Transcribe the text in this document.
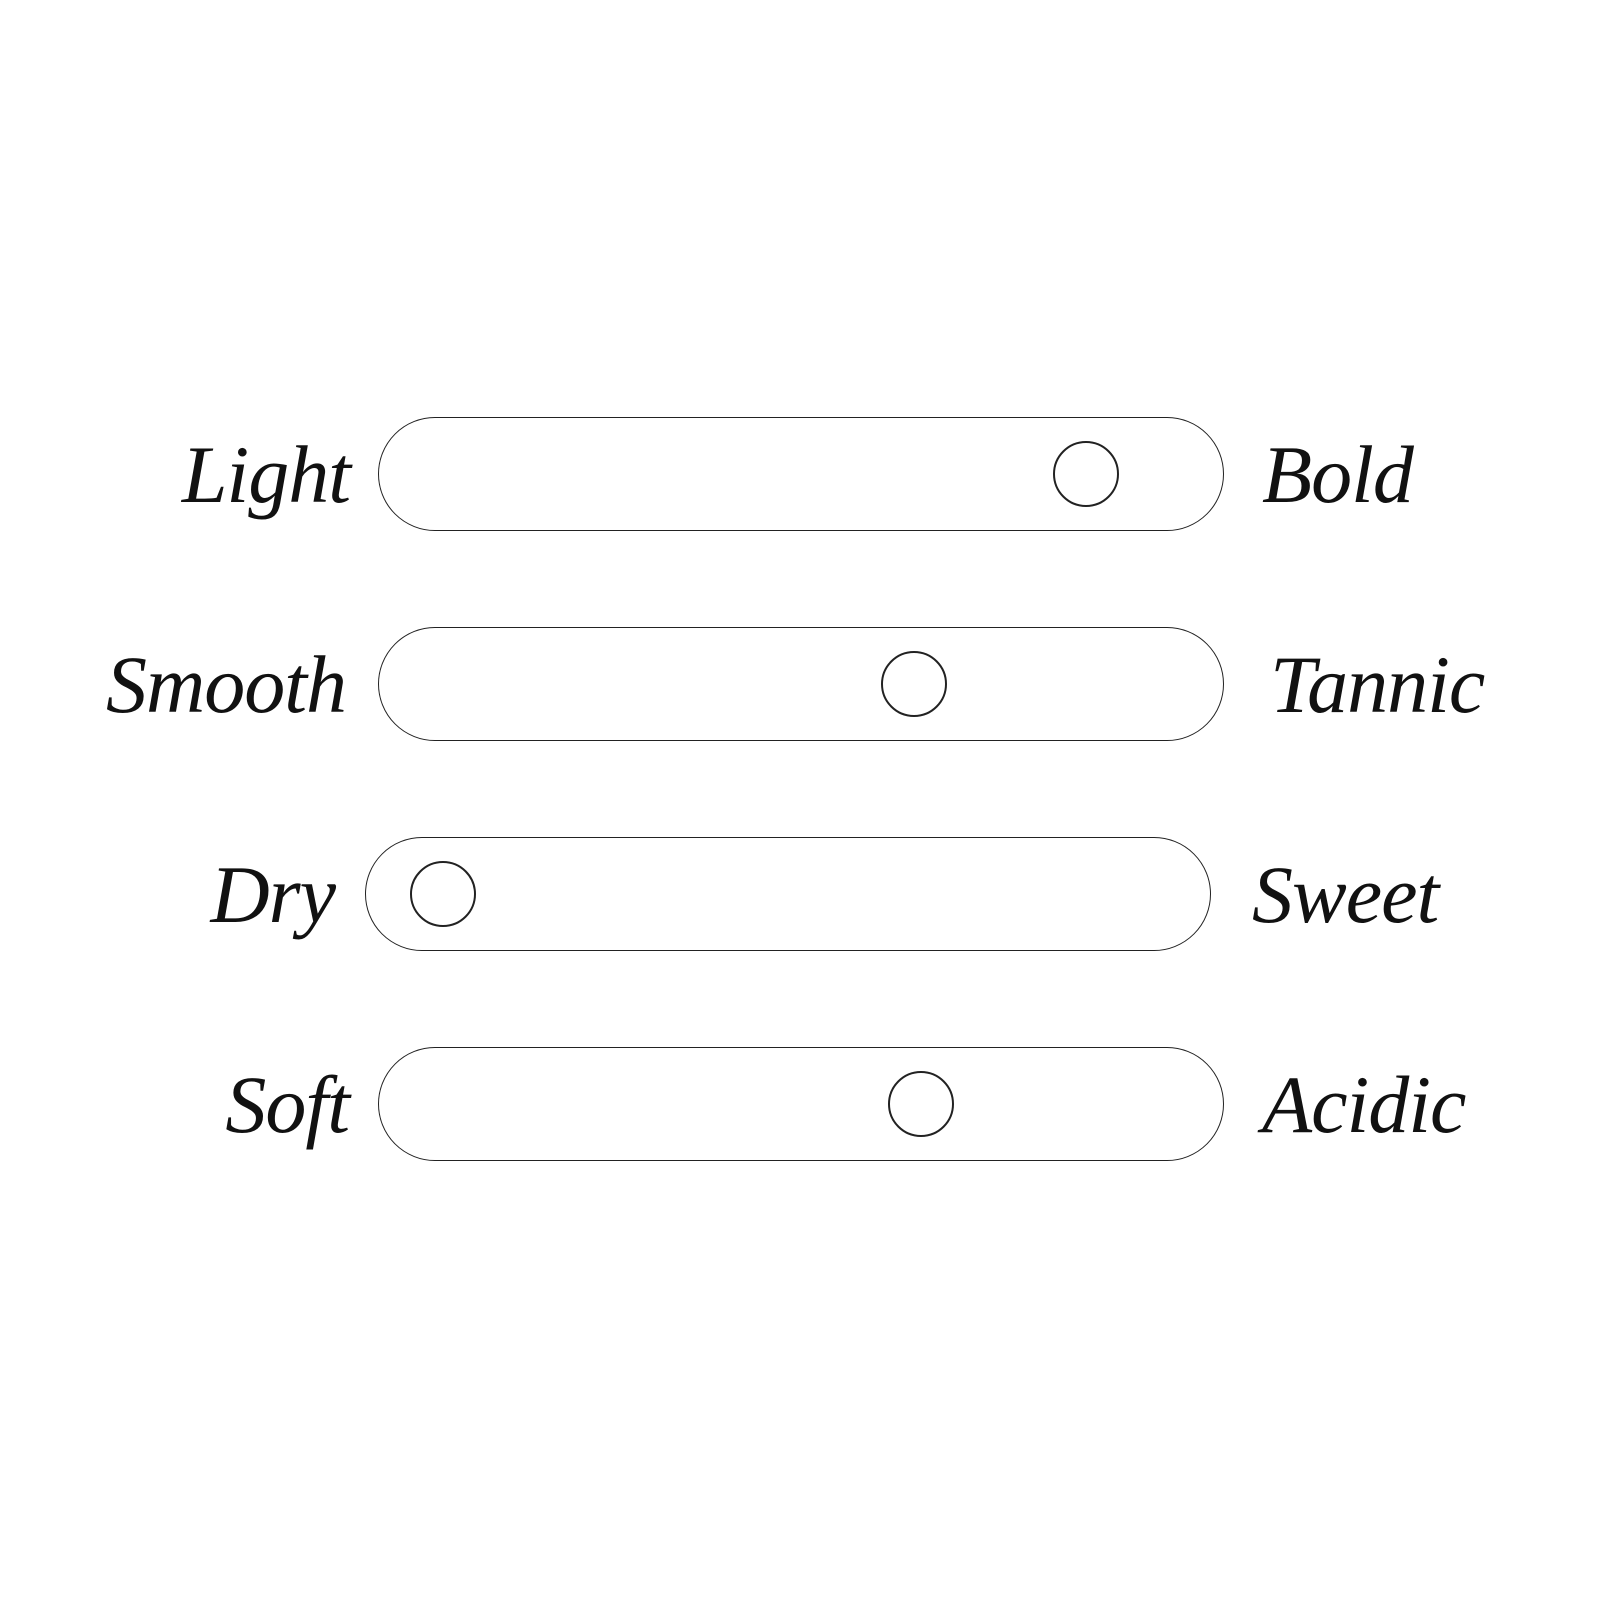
Light	Bold
Smooth	Tannic
Dry	Sweet
Soft	Acidic
